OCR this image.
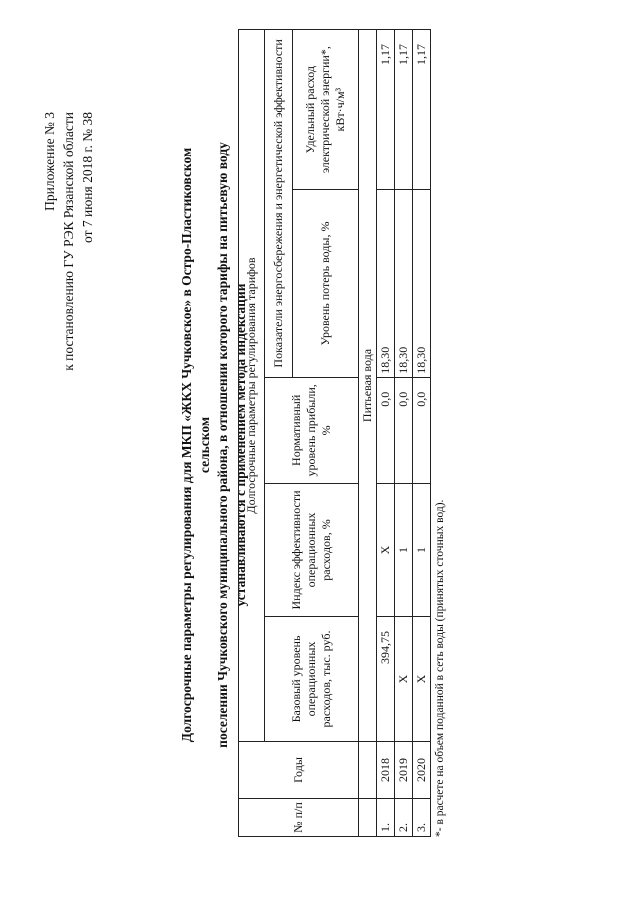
Приложение № 3 к постановлению ГУ РЭК Рязанской области от 7 июня 2018 г. № 38	Долгосрочные параметры регулирования для МКП «ЖКХ Чучковское» в Остро-Пластиковском сельском поселении Чучковского муниципального района, в отношении которого тарифы на питьевую воду устанавливаются с применением метода индексации
№ п/п	Годы	Долгосрочные параметры регулирования тарифов				
		Базовый уровень операционных расходов, тыс. руб.	Индекс эффективности операционных расходов, %	Нормативный уровень прибыли, %	Показатели энергосбережения и энергетической эффективности	
					Уровень потерь воды, %	Удельный расход электрической энергии*, кВт·ч/м³
		Питьевая вода				
1.	2018	394,75	X	0,0	18,30	1,17
2.	2019	X	1	0,0	18,30	1,17
3.	2020	X	1	0,0	18,30	1,17
*- в расчете на объем поданной в сеть воды (принятых сточных вод).
